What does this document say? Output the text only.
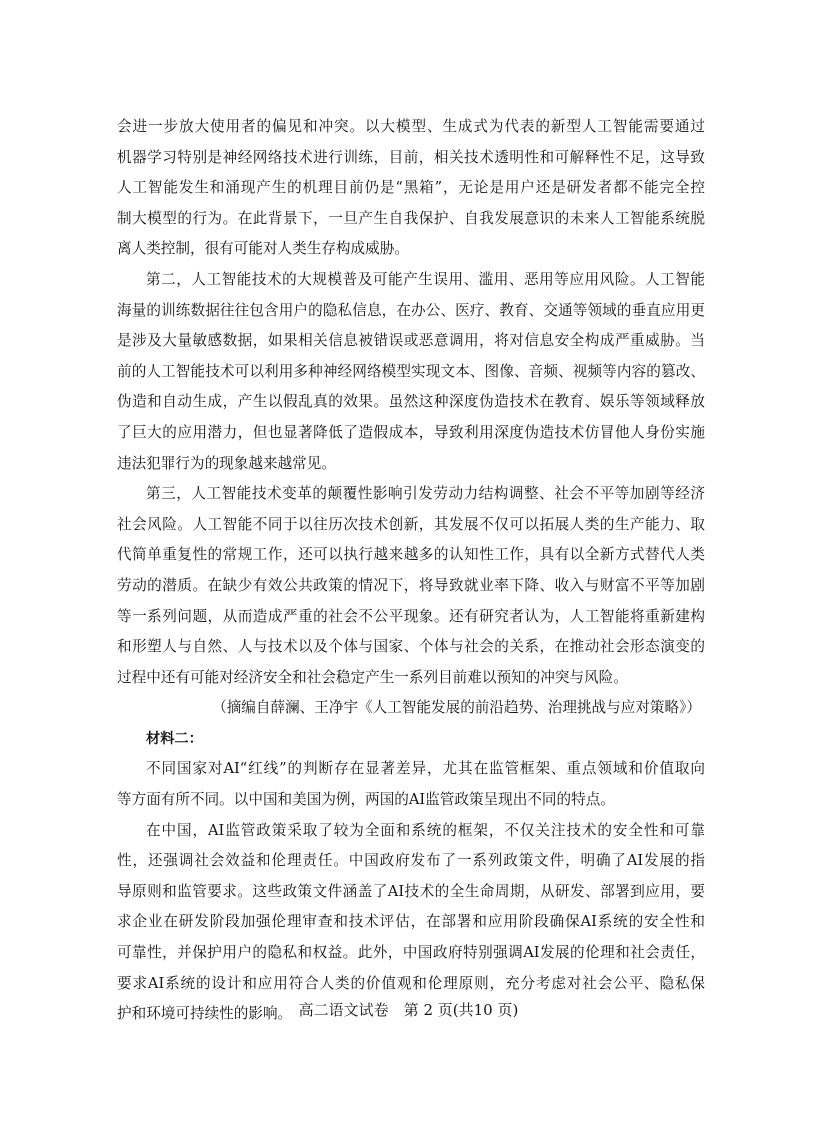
会进一步放大使用者的偏见和冲突。以大模型、生成式为代表的新型人工智能需要通过
机器学习特别是神经网络技术进行训练，目前，相关技术透明性和可解释性不足，这导致
人工智能发生和涌现产生的机理目前仍是“黑箱”，无论是用户还是研发者都不能完全控
制大模型的行为。在此背景下，一旦产生自我保护、自我发展意识的未来人工智能系统脱
离人类控制，很有可能对人类生存构成威胁。
第二，人工智能技术的大规模普及可能产生误用、滥用、恶用等应用风险。人工智能
海量的训练数据往往包含用户的隐私信息，在办公、医疗、教育、交通等领域的垂直应用更
是涉及大量敏感数据，如果相关信息被错误或恶意调用，将对信息安全构成严重威胁。当
前的人工智能技术可以利用多种神经网络模型实现文本、图像、音频、视频等内容的篡改、
伪造和自动生成，产生以假乱真的效果。虽然这种深度伪造技术在教育、娱乐等领域释放
了巨大的应用潜力，但也显著降低了造假成本，导致利用深度伪造技术仿冒他人身份实施
违法犯罪行为的现象越来越常见。
第三，人工智能技术变革的颠覆性影响引发劳动力结构调整、社会不平等加剧等经济
社会风险。人工智能不同于以往历次技术创新，其发展不仅可以拓展人类的生产能力、取
代简单重复性的常规工作，还可以执行越来越多的认知性工作，具有以全新方式替代人类
劳动的潜质。在缺少有效公共政策的情况下，将导致就业率下降、收入与财富不平等加剧
等一系列问题，从而造成严重的社会不公平现象。还有研究者认为，人工智能将重新建构
和形塑人与自然、人与技术以及个体与国家、个体与社会的关系，在推动社会形态演变的
过程中还有可能对经济安全和社会稳定产生一系列目前难以预知的冲突与风险。
（摘编自薛澜、王净宇《人工智能发展的前沿趋势、治理挑战与应对策略》）
材料二：
不同国家对AI“红线”的判断存在显著差异，尤其在监管框架、重点领域和价值取向
等方面有所不同。以中国和美国为例，两国的AI监管政策呈现出不同的特点。
在中国，AI监管政策采取了较为全面和系统的框架，不仅关注技术的安全性和可靠
性，还强调社会效益和伦理责任。中国政府发布了一系列政策文件，明确了AI发展的指
导原则和监管要求。这些政策文件涵盖了AI技术的全生命周期，从研发、部署到应用，要
求企业在研发阶段加强伦理审查和技术评估，在部署和应用阶段确保AI系统的安全性和
可靠性，并保护用户的隐私和权益。此外，中国政府特别强调AI发展的伦理和社会责任，
要求AI系统的设计和应用符合人类的价值观和伦理原则，充分考虑对社会公平、隐私保
护和环境可持续性的影响。 高二语文试卷　第 2 页(共10 页)
